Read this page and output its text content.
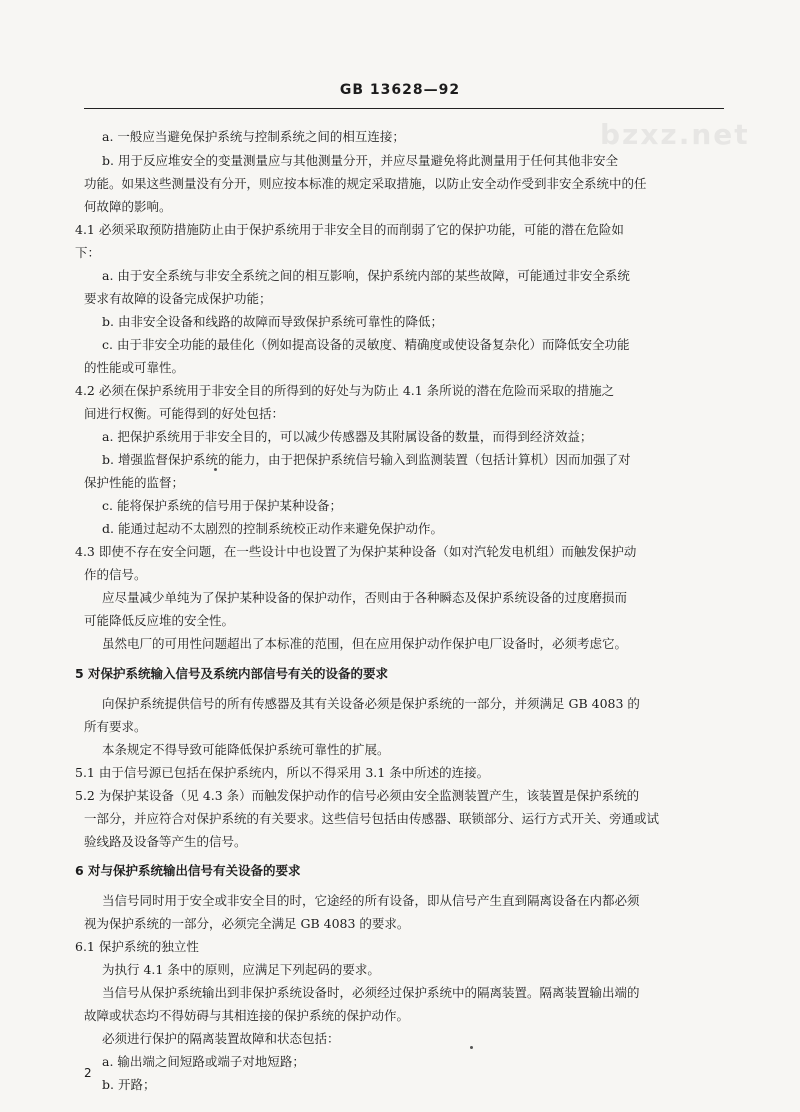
GB 13628—92
bzxz.net
a. 一般应当避免保护系统与控制系统之间的相互连接；
b. 用于反应堆安全的变量测量应与其他测量分开，并应尽量避免将此测量用于任何其他非安全
功能。如果这些测量没有分开，则应按本标准的规定采取措施，以防止安全动作受到非安全系统中的任
何故障的影响。
4.1 必须采取预防措施防止由于保护系统用于非安全目的而削弱了它的保护功能，可能的潜在危险如
下：
a. 由于安全系统与非安全系统之间的相互影响，保护系统内部的某些故障，可能通过非安全系统
要求有故障的设备完成保护功能；
b. 由非安全设备和线路的故障而导致保护系统可靠性的降低；
c. 由于非安全功能的最佳化（例如提高设备的灵敏度、精确度或使设备复杂化）而降低安全功能
的性能或可靠性。
4.2 必须在保护系统用于非安全目的所得到的好处与为防止 4.1 条所说的潜在危险而采取的措施之
间进行权衡。可能得到的好处包括：
a. 把保护系统用于非安全目的，可以减少传感器及其附属设备的数量，而得到经济效益；
b. 增强监督保护系统的能力，由于把保护系统信号输入到监测装置（包括计算机）因而加强了对
保护性能的监督；
c. 能将保护系统的信号用于保护某种设备；
d. 能通过起动不太剧烈的控制系统校正动作来避免保护动作。
4.3 即使不存在安全问题，在一些设计中也设置了为保护某种设备（如对汽轮发电机组）而触发保护动
作的信号。
应尽量减少单纯为了保护某种设备的保护动作，否则由于各种瞬态及保护系统设备的过度磨损而
可能降低反应堆的安全性。
虽然电厂的可用性问题超出了本标准的范围，但在应用保护动作保护电厂设备时，必须考虑它。
5 对保护系统输入信号及系统内部信号有关的设备的要求
向保护系统提供信号的所有传感器及其有关设备必须是保护系统的一部分，并须满足 GB 4083 的
所有要求。
本条规定不得导致可能降低保护系统可靠性的扩展。
5.1 由于信号源已包括在保护系统内，所以不得采用 3.1 条中所述的连接。
5.2 为保护某设备（见 4.3 条）而触发保护动作的信号必须由安全监测装置产生，该装置是保护系统的
一部分，并应符合对保护系统的有关要求。这些信号包括由传感器、联锁部分、运行方式开关、旁通或试
验线路及设备等产生的信号。
6 对与保护系统输出信号有关设备的要求
当信号同时用于安全或非安全目的时，它途经的所有设备，即从信号产生直到隔离设备在内都必须
视为保护系统的一部分，必须完全满足 GB 4083 的要求。
6.1 保护系统的独立性
为执行 4.1 条中的原则，应满足下列起码的要求。
当信号从保护系统输出到非保护系统设备时，必须经过保护系统中的隔离装置。隔离装置输出端的
故障或状态均不得妨碍与其相连接的保护系统的保护动作。
必须进行保护的隔离装置故障和状态包括：
a. 输出端之间短路或端子对地短路；
b. 开路；
2
